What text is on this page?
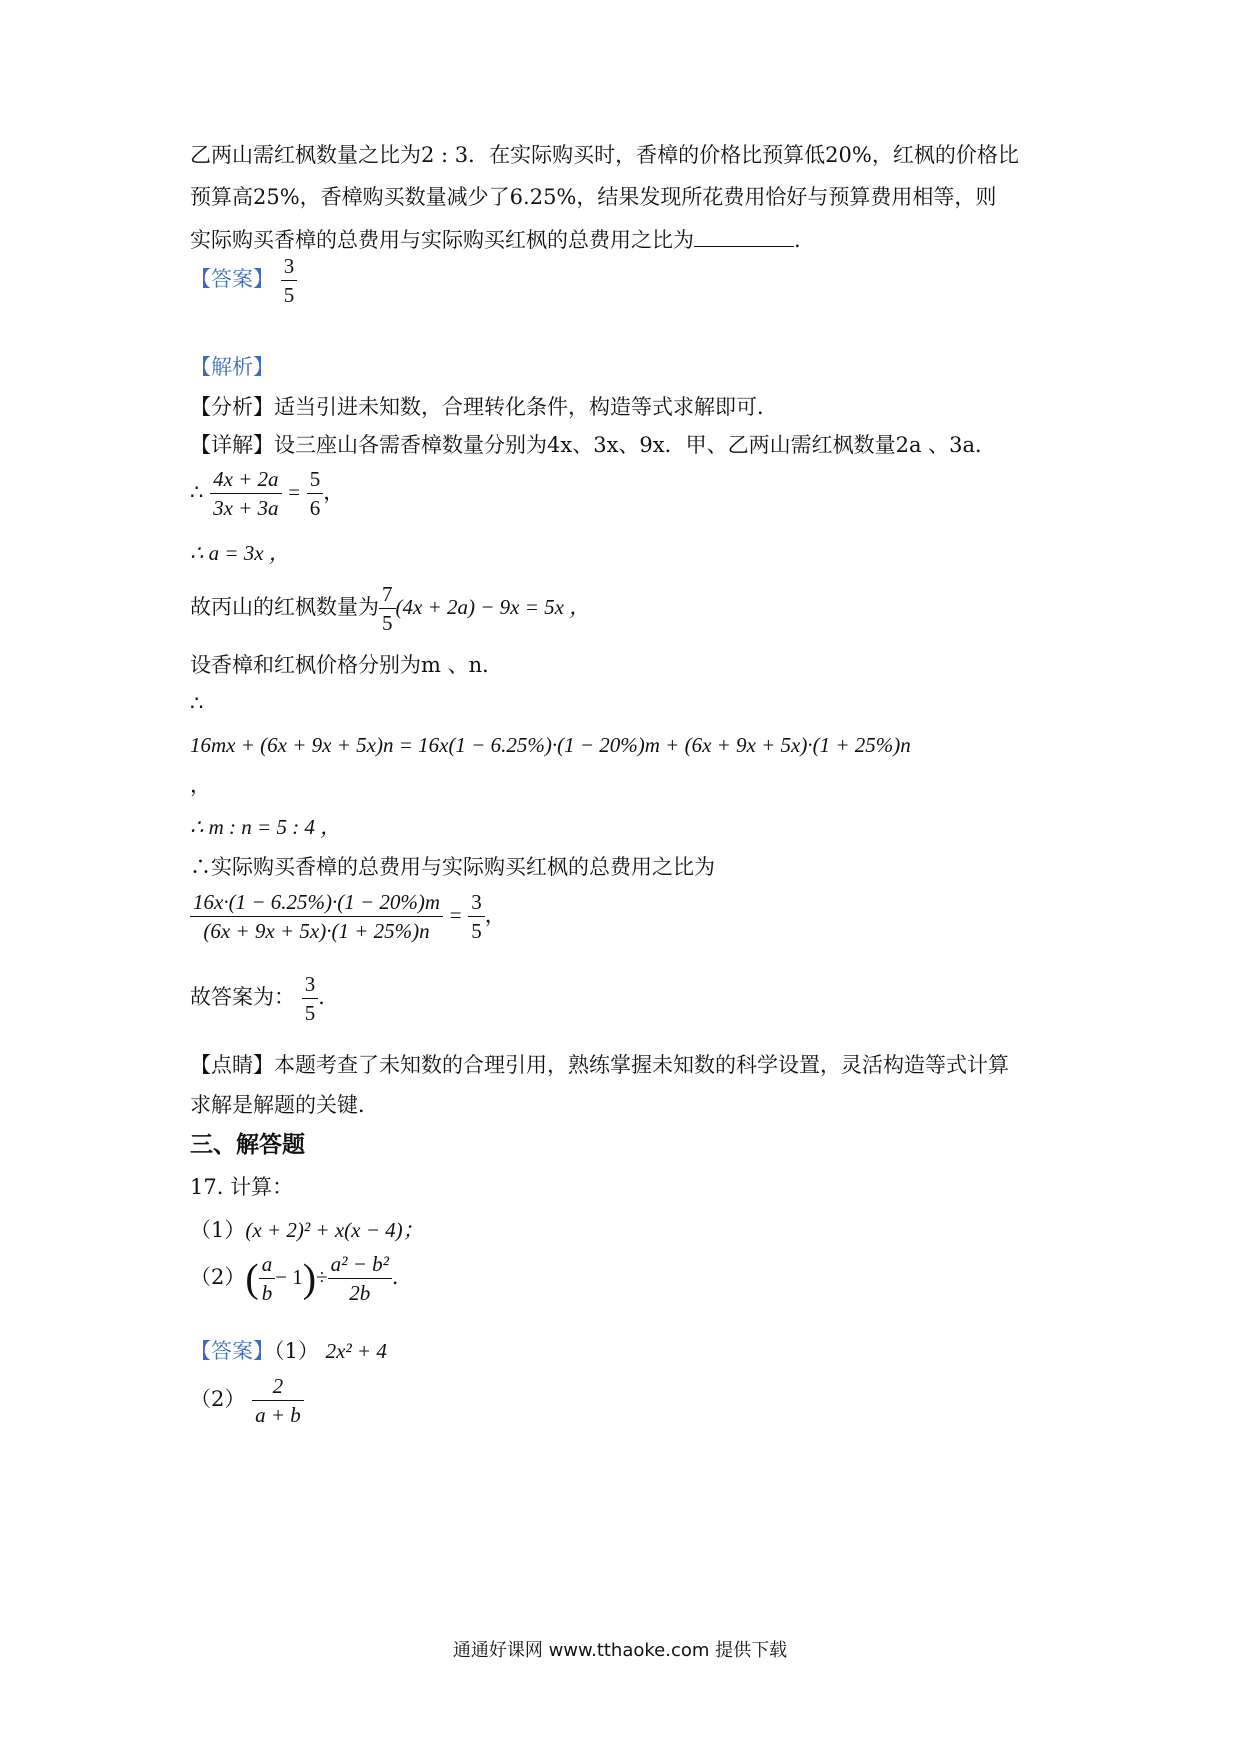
乙两山需红枫数量之比为2 : 3．在实际购买时，香樟的价格比预算低20%，红枫的价格比
预算高25%，香樟购买数量减少了6.25%，结果发现所花费用恰好与预算费用相等，则
实际购买香樟的总费用与实际购买红枫的总费用之比为	.
【答案】 $\frac{3}{5}$
【解析】
【分析】适当引进未知数，合理转化条件，构造等式求解即可．
【详解】设三座山各需香樟数量分别为4x、3x、9x．甲、乙两山需红枫数量2a 、3a．
∴ $\frac{4x + 2a}{3x + 3a} = \frac{5}{6}$ ，
∴ a = 3x ，
故丙山的红枫数量为 $\frac{7}{5} (4x + 2a) - 9x = 5x$ ，
设香樟和红枫价格分别为m 、n．
∴
16mx + (6x + 9x + 5x)n = 16x(1 − 6.25%)·(1 − 20%)m + (6x + 9x + 5x)·(1 + 25%)n
，
∴ m : n = 5 : 4 ，
∴实际购买香樟的总费用与实际购买红枫的总费用之比为
$\frac{16x\cdot(1 - 6.25\%)\cdot(1 - 20\%)m}{(6x + 9x + 5x)\cdot(1 + 25\%)n} = \frac{3}{5}$ ，
故答案为： $\frac{3}{5}$ ．
【点睛】本题考查了未知数的合理引用，熟练掌握未知数的科学设置，灵活构造等式计算
求解是解题的关键．
三、解答题
17. 计算：
（1）(x + 2)² + x(x − 4)；
$(2)( \frac{a}{b} - 1)\div \frac{\text{a² − b²}}{2b}$ ．
【答案】（1） 2x² + 4
$(2) \frac{2}{a + b}$
通通好课网 www.tthaoke.com 提供下载
